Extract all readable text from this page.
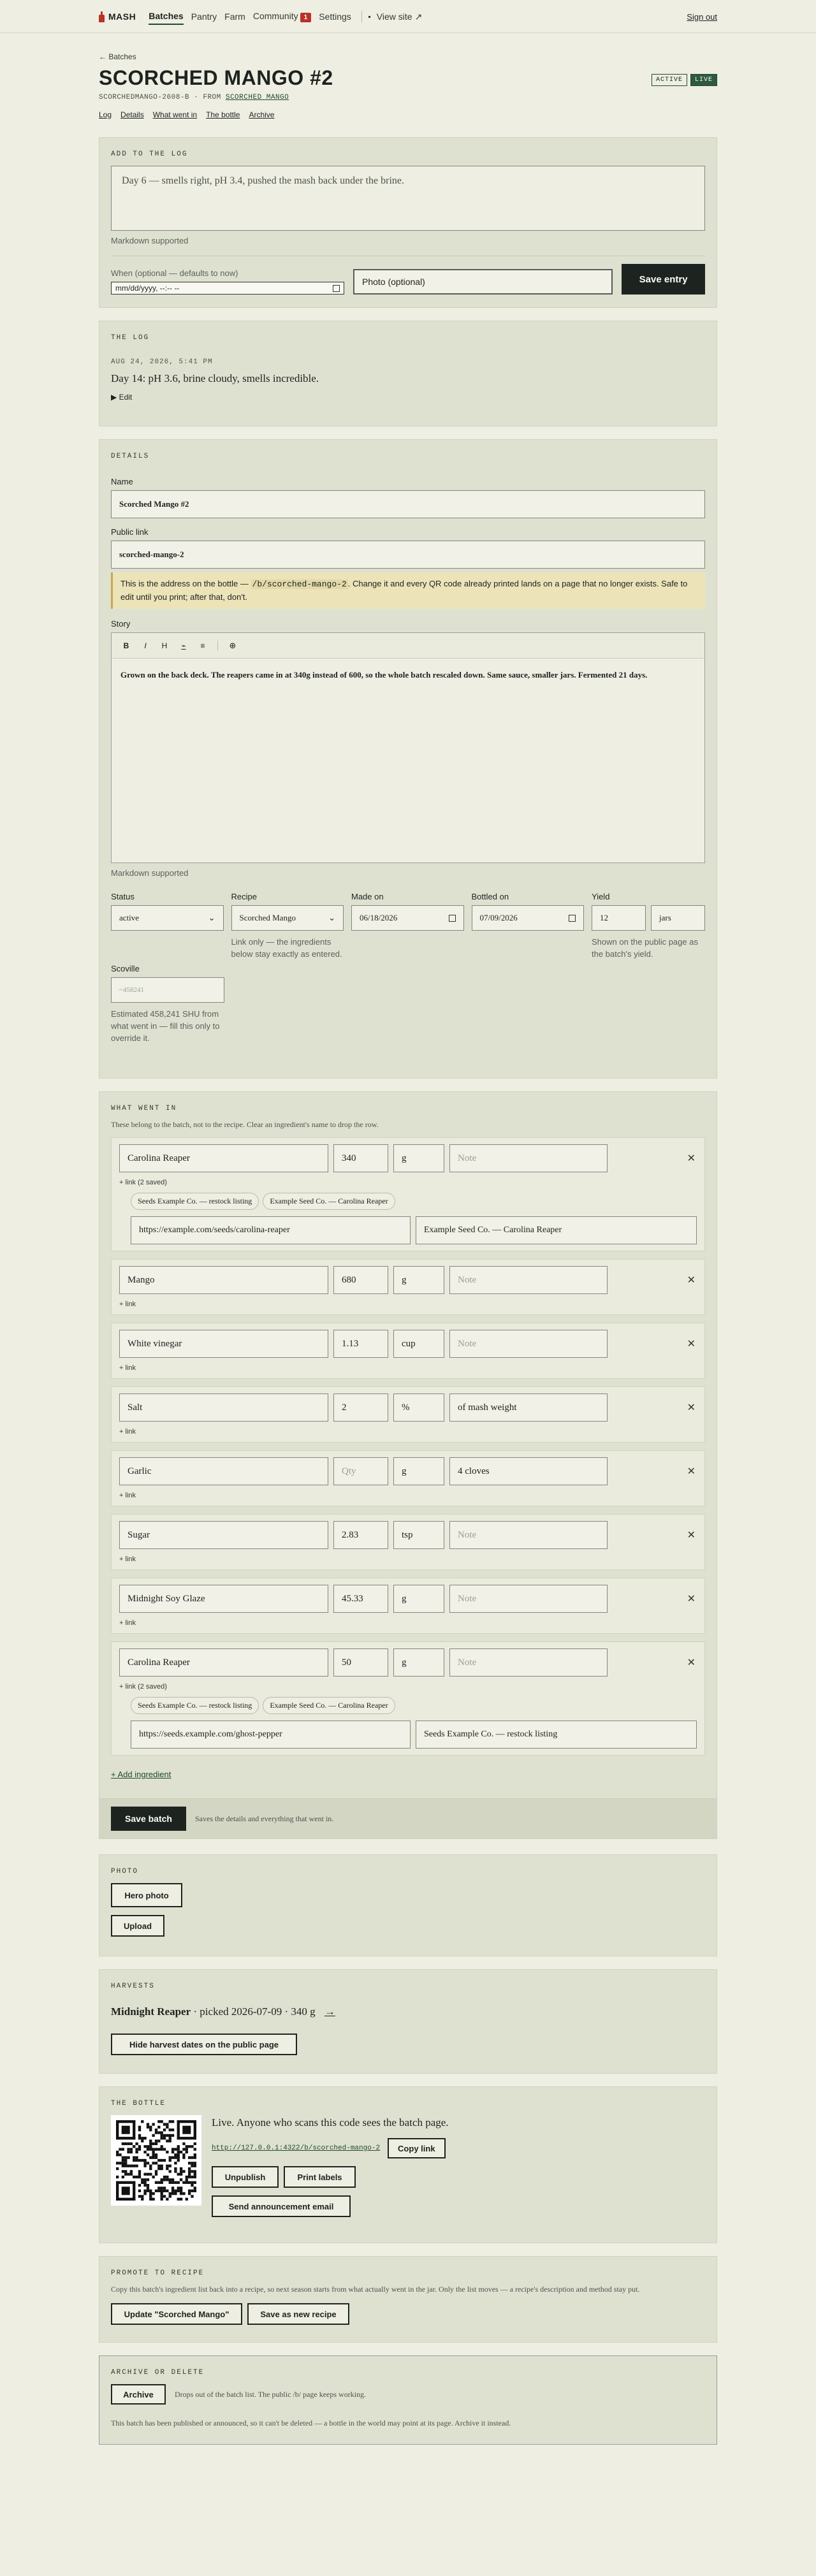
MASH Batches Pantry Farm Community 1	Settings	View site ↗	Sign out
← Batches
SCORCHED MANGO #2	ACTIVE	LIVE
SCORCHEDMANGO-2608-B · FROM SCORCHED MANGO
Log Details What went in The bottle Archive
ADD TO THE LOG
Day 6 — smells right, pH 3.4, pushed the mash back under the brine.
Markdown supported
When (optional — defaults to now)
mm/dd/yyyy, --:-- --
Photo (optional)	Save entry
THE LOG
AUG 24, 2026, 5:41 PM
Day 14: pH 3.6, brine cloudy, smells incredible.
▶ Edit
DETAILS
Name
Scorched Mango #2
Public link
scorched-mango-2
This is the address on the bottle — /b/scorched-mango-2 . Change it and every QR code already printed lands on a page that no longer exists. Safe to edit until you print; after that, don't.
Story
B	I	H	⌁	≡	⊕
Grown on the back deck. The reapers came in at 340g instead of 600, so the whole batch rescaled down. Same sauce, smaller jars. Fermented 21 days.
Markdown supported
Status
active	⌄
Recipe
Scorched Mango	⌄
Link only — the ingredients below stay exactly as entered.
Made on
06/18/2026
Bottled on
07/09/2026
Yield
12	jars
Shown on the public page as the batch's yield.
Scoville
~458241
Estimated 458,241 SHU from what went in — fill this only to override it.
WHAT WENT IN
These belong to the batch, not to the recipe. Clear an ingredient's name to drop the row.
Carolina Reaper	340	g	Note	✕
+ link (2 saved)
Seeds Example Co. — restock listing Example Seed Co. — Carolina Reaper
https://example.com/seeds/carolina-reaper	Example Seed Co. — Carolina Reaper
Mango	680	g	Note	✕
+ link
White vinegar	1.13	cup	Note	✕
+ link
Salt	2	%	of mash weight	✕
+ link
Garlic	Qty	g	4 cloves	✕
+ link
Sugar	2.83	tsp	Note	✕
+ link
Midnight Soy Glaze	45.33	g	Note	✕
+ link
Carolina Reaper	50	g	Note	✕
+ link (2 saved)
Seeds Example Co. — restock listing Example Seed Co. — Carolina Reaper
https://seeds.example.com/ghost-pepper	Seeds Example Co. — restock listing
+ Add ingredient
Save batch	Saves the details and everything that went in.
PHOTO
Hero photo
Upload
HARVESTS
Midnight Reaper · picked 2026-07-09 · 340 g →
Hide harvest dates on the public page
THE BOTTLE
Live. Anyone who scans this code sees the batch page.
http://127.0.0.1:4322/b/scorched-mango-2	Copy link
Unpublish	Print labels
Send announcement email
PROMOTE TO RECIPE
Copy this batch's ingredient list back into a recipe, so next season starts from what actually went in the jar. Only the list moves — a recipe's description and method stay put.
Update "Scorched Mango"	Save as new recipe
ARCHIVE OR DELETE
Archive	Drops out of the batch list. The public /b/ page keeps working.
This batch has been published or announced, so it can't be deleted — a bottle in the world may point at its page. Archive it instead.
